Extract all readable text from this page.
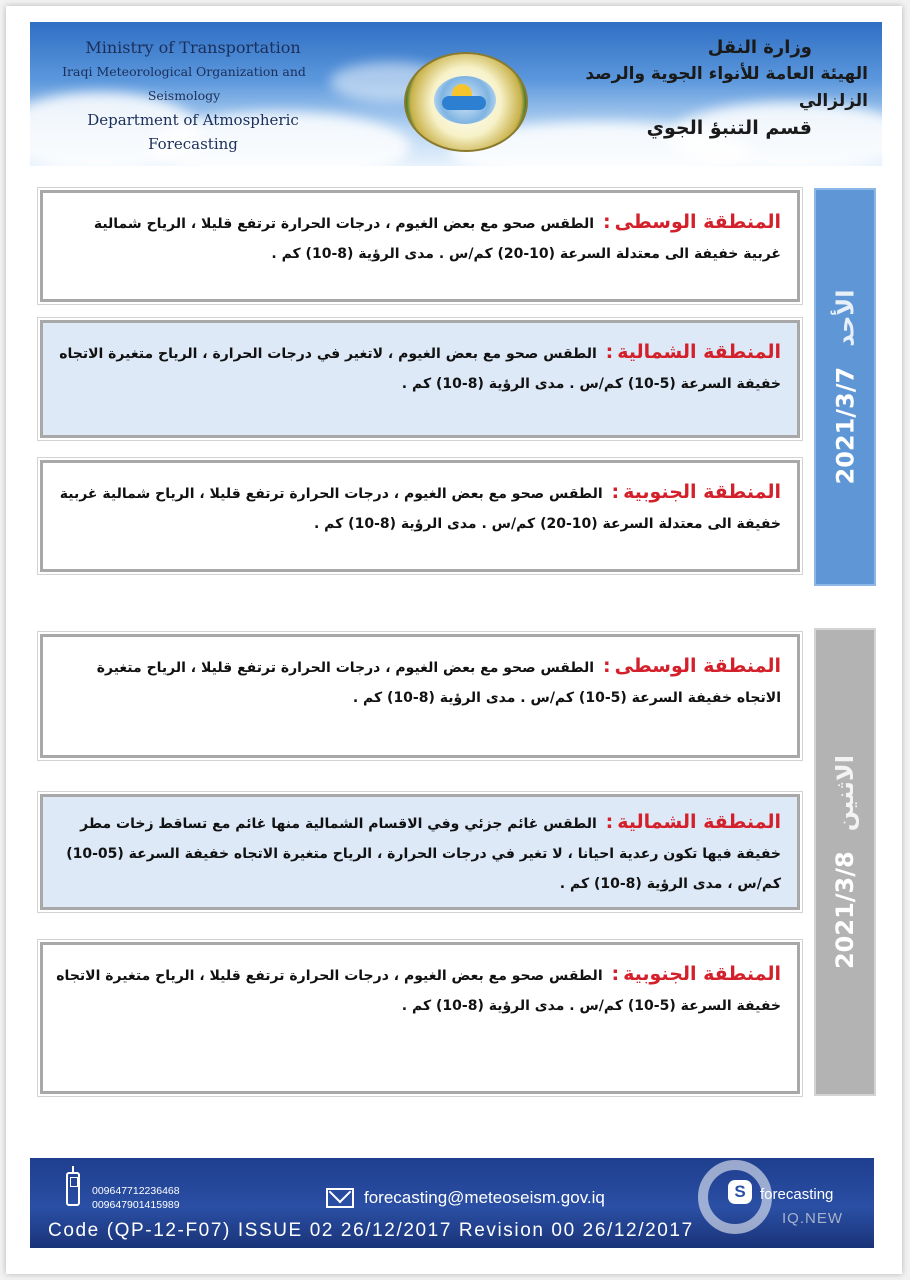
Ministry of Transportation
Iraqi Meteorological Organization and Seismology
Department of Atmospheric Forecasting
وزارة النقل
الهيئة العامة للأنواء الجوية والرصد الزلزالي
قسم التنبؤ الجوي
المنطقة الوسطى: الطقس صحو مع بعض الغيوم ، درجات الحرارة ترتفع قليلا ، الرياح شمالية غربية خفيفة الى معتدلة السرعة (10-20) كم/س . مدى الرؤية (8-10) كم .
المنطقة الشمالية: الطقس صحو مع بعض الغيوم ، لاتغير في درجات الحرارة ، الرياح متغيرة الاتجاه خفيفة السرعة (5-10) كم/س . مدى الرؤية (8-10) كم .
المنطقة الجنوبية: الطقس صحو مع بعض الغيوم ، درجات الحرارة ترتفع قليلا ، الرياح شمالية غربية خفيفة الى معتدلة السرعة (10-20) كم/س . مدى الرؤية (8-10) كم .
2021/3/7
الأحد
المنطقة الوسطى: الطقس صحو مع بعض الغيوم ، درجات الحرارة ترتفع قليلا ، الرياح متغيرة الاتجاه خفيفة السرعة (5-10) كم/س . مدى الرؤية (8-10) كم .
المنطقة الشمالية: الطقس غائم جزئي وفي الاقسام الشمالية منها غائم مع تساقط زخات مطر خفيفة فيها تكون رعدية احيانا ، لا تغير في درجات الحرارة ، الرياح متغيرة الاتجاه خفيفة السرعة (05-10) كم/س ، مدى الرؤية (8-10) كم .
المنطقة الجنوبية: الطقس صحو مع بعض الغيوم ، درجات الحرارة ترتفع قليلا ، الرياح متغيرة الاتجاه خفيفة السرعة (5-10) كم/س . مدى الرؤية (8-10) كم .
2021/3/8
الاثنين
009647712236468
009647901415989	forecasting@meteoseism.gov.iq	S forecasting
Code (QP-12-F07) ISSUE 02 26/12/2017 Revision 00 26/12/2017
IQ.NEW
